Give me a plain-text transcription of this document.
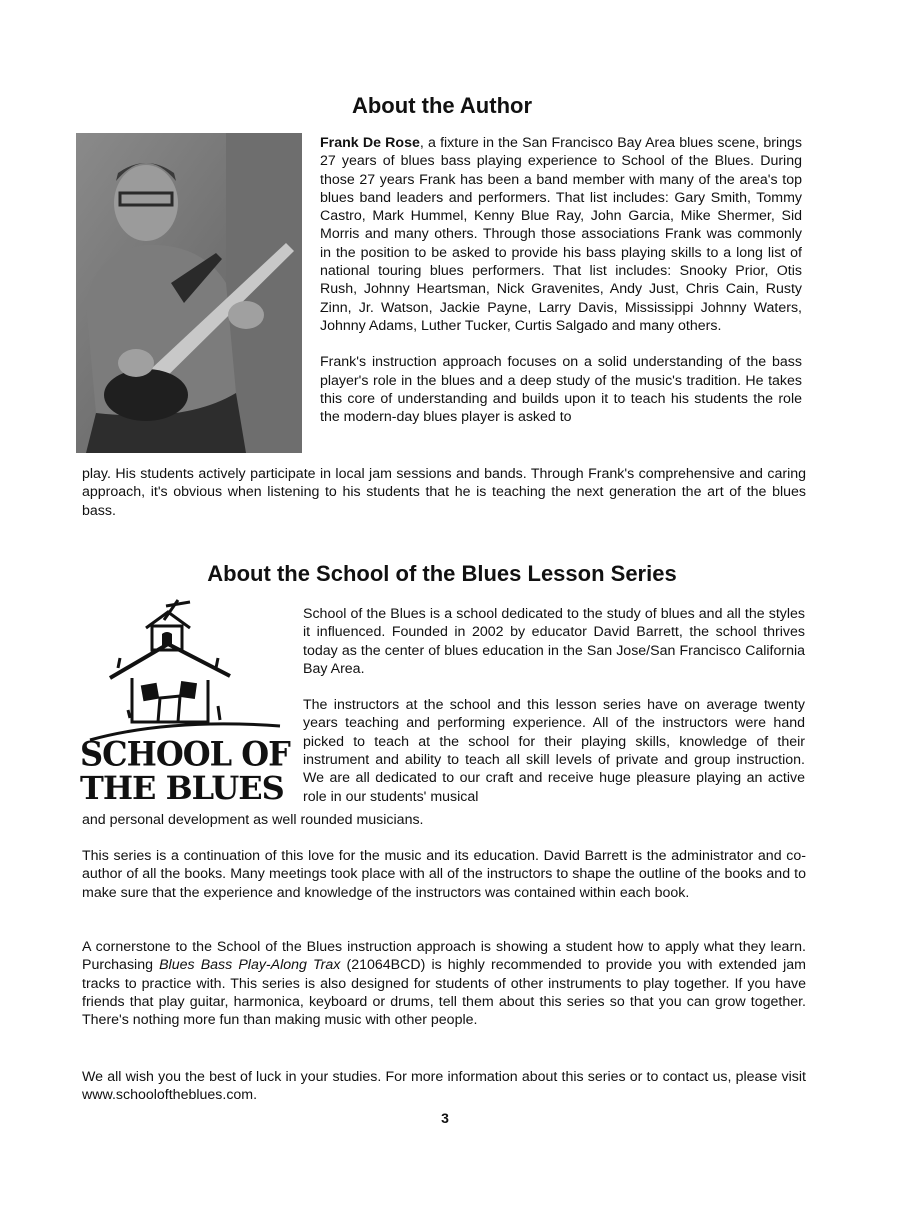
About the Author

Frank De Rose, a fixture in the San Francisco Bay Area blues scene, brings 27 years of blues bass playing experience to School of the Blues. During those 27 years Frank has been a band member with many of the area's top blues band leaders and performers. That list includes: Gary Smith, Tommy Castro, Mark Hummel, Kenny Blue Ray, John Garcia, Mike Shermer, Sid Morris and many others. Through those associations Frank was commonly in the position to be asked to provide his bass playing skills to a long list of national touring blues performers. That list includes: Snooky Prior, Otis Rush, Johnny Heartsman, Nick Gravenites, Andy Just, Chris Cain, Rusty Zinn, Jr. Watson, Jackie Payne, Larry Davis, Mississippi Johnny Waters, Johnny Adams, Luther Tucker, Curtis Salgado and many others.

Frank's instruction approach focuses on a solid understanding of the bass player's role in the blues and a deep study of the music's tradition. He takes this core of understanding and builds upon it to teach his students the role the modern-day blues player is asked to

play. His students actively participate in local jam sessions and bands. Through Frank's comprehensive and caring approach, it's obvious when listening to his students that he is teaching the next generation the art of the blues bass.

About the School of the Blues Lesson Series
SCHOOL OF
THE BLUES

School of the Blues is a school dedicated to the study of blues and all the styles it influenced. Founded in 2002 by educator David Barrett, the school thrives today as the center of blues education in the San Jose/San Francisco California Bay Area.

The instructors at the school and this lesson series have on average twenty years teaching and performing experience. All of the instructors were hand picked to teach at the school for their playing skills, knowledge of their instrument and ability to teach all skill levels of private and group instruction. We are all dedicated to our craft and receive huge pleasure playing an active role in our students' musical

and personal development as well rounded musicians.

This series is a continuation of this love for the music and its education. David Barrett is the administrator and co-author of all the books. Many meetings took place with all of the instructors to shape the outline of the books and to make sure that the experience and knowledge of the instructors was contained within each book.

A cornerstone to the School of the Blues instruction approach is showing a student how to apply what they learn. Purchasing Blues Bass Play-Along Trax (21064BCD) is highly recommended to provide you with extended jam tracks to practice with. This series is also designed for students of other instruments to play together. If you have friends that play guitar, harmonica, keyboard or drums, tell them about this series so that you can grow together. There's nothing more fun than making music with other people.

We all wish you the best of luck in your studies. For more information about this series or to contact us, please visit www.schooloftheblues.com.

3
